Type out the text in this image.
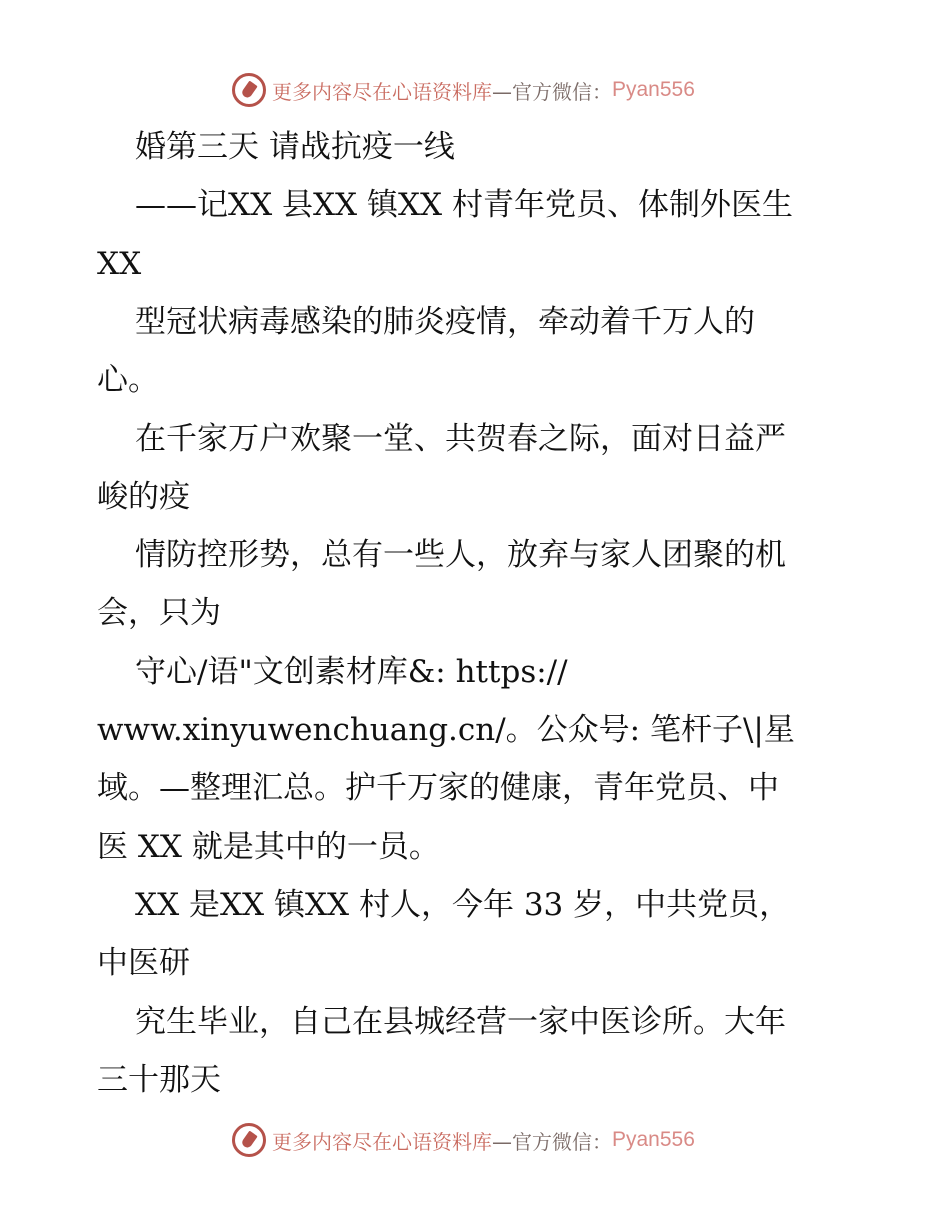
更多内容尽在心语资料库 —官方微信： Pyan556
婚第三天 请战抗疫一线
——记XX 县XX 镇XX 村青年党员、体制外医生
XX
型冠状病毒感染的肺炎疫情，牵动着千万人的
心。
在千家万户欢聚一堂、共贺春之际，面对日益严
峻的疫
情防控形势，总有一些人，放弃与家人团聚的机
会，只为
守心/语"文创素材库&: https://
www.xinyuwenchuang.cn/。公众号: 笔杆子\|星
域。—整理汇总。护千万家的健康，青年党员、中
医 XX 就是其中的一员。
XX 是XX 镇XX 村人，今年 33 岁，中共党员，
中医研
究生毕业，自己在县城经营一家中医诊所。大年
三十那天
更多内容尽在心语资料库 —官方微信： Pyan556
